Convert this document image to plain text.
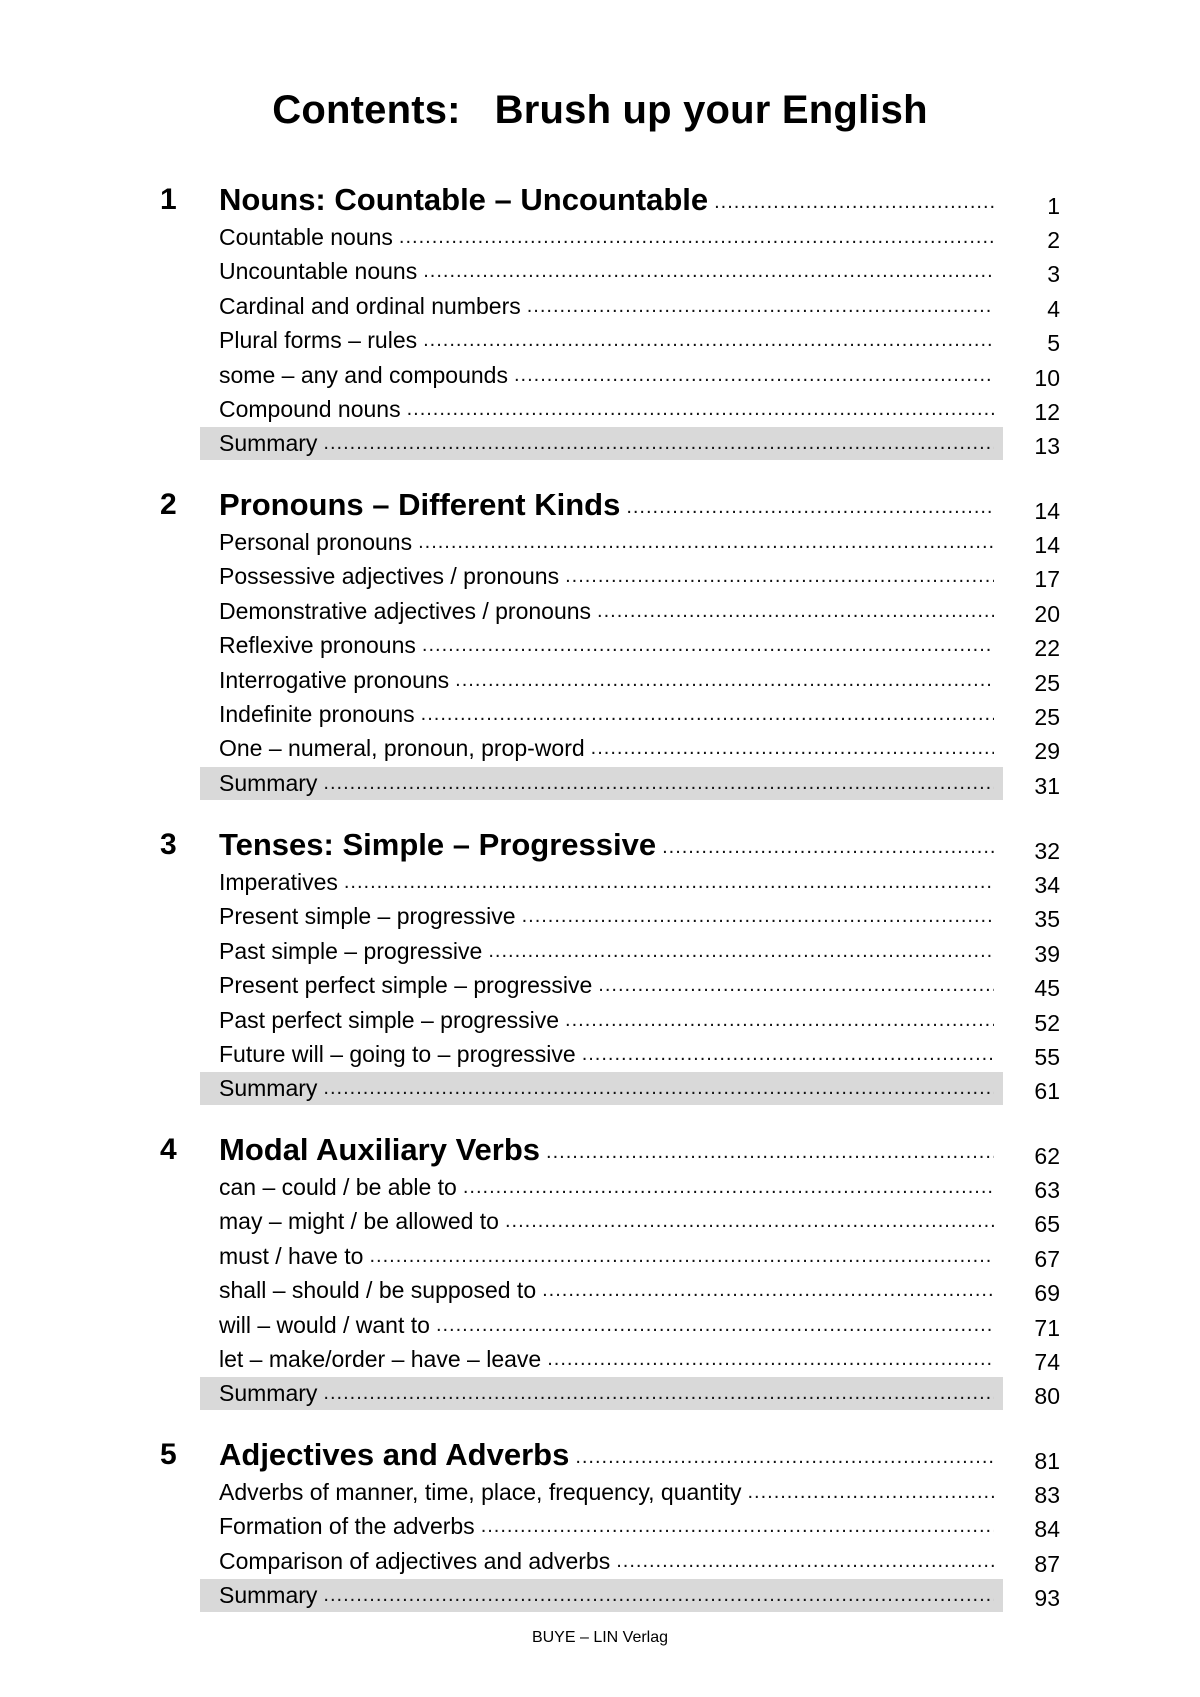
Contents:   Brush up your English
1 Nouns: Countable – Uncountable .....	1
Countable nouns .....	2
Uncountable nouns .....	3
Cardinal and ordinal numbers .....	4
Plural forms – rules .....	5
some – any and compounds .....	10
Compound nouns .....	12
Summary .....	13
2 Pronouns – Different Kinds .....	14
Personal pronouns .....	14
Possessive adjectives / pronouns .....	17
Demonstrative adjectives / pronouns .....	20
Reflexive pronouns .....	22
Interrogative pronouns .....	25
Indefinite pronouns .....	25
One – numeral, pronoun, prop-word .....	29
Summary .....	31
3 Tenses: Simple – Progressive .....	32
Imperatives .....	34
Present simple – progressive .....	35
Past simple – progressive .....	39
Present perfect simple – progressive .....	45
Past perfect simple – progressive .....	52
Future will – going to – progressive .....	55
Summary .....	61
4 Modal Auxiliary Verbs .....	62
can – could / be able to .....	63
may – might / be allowed to .....	65
must / have to .....	67
shall – should / be supposed to .....	69
will – would / want to .....	71
let – make/order – have – leave .....	74
Summary .....	80
5 Adjectives and Adverbs .....	81
Adverbs of manner, time, place, frequency, quantity .....	83
Formation of the adverbs .....	84
Comparison of adjectives and adverbs .....	87
Summary .....	93
BUYE – LIN Verlag
